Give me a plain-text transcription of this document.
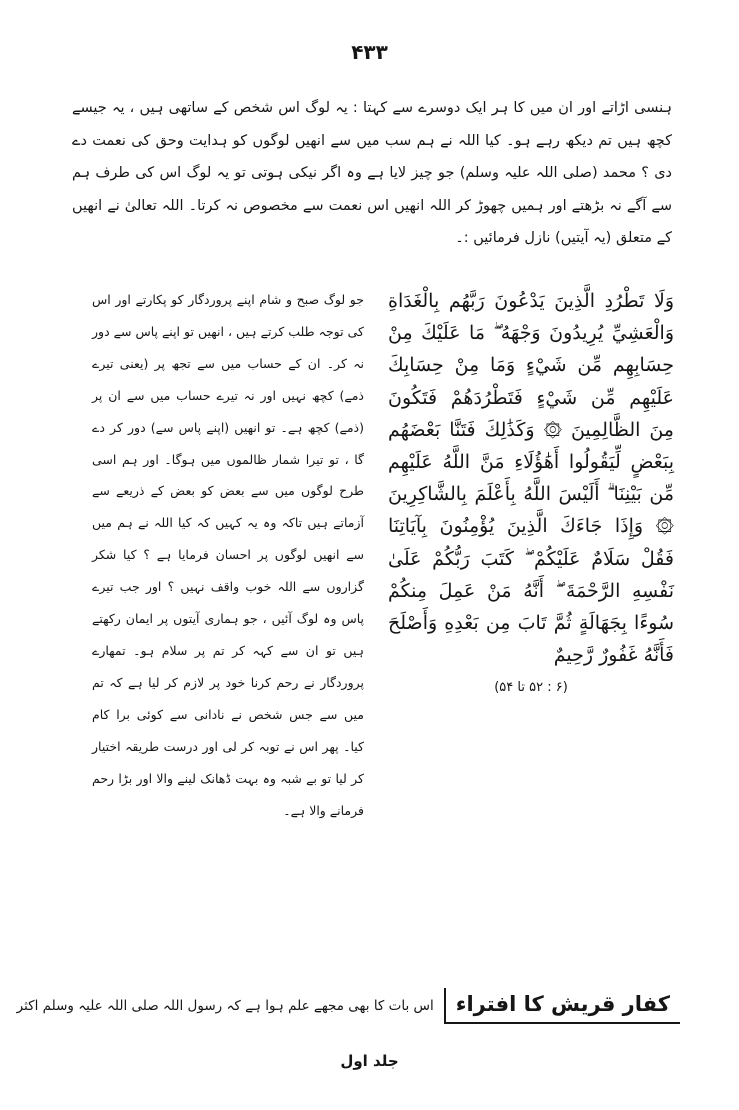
۴۳۳

ہنسی اڑاتے اور ان میں کا ہر ایک دوسرے سے کہتا : یہ لوگ اس شخص کے ساتھی ہیں ، یہ جیسے کچھ ہیں تم دیکھ رہے ہو۔ کیا اللہ نے ہم سب میں سے انھیں لوگوں کو ہدایت وحق کی نعمت دے دی ؟ محمد (صلی اللہ علیہ وسلم) جو چیز لایا ہے وہ اگر نیکی ہوتی تو یہ لوگ اس کی طرف ہم سے آگے نہ بڑھتے اور ہمیں چھوڑ کر اللہ انھیں اس نعمت سے مخصوص نہ کرتا۔ اللہ تعالیٰ نے انھیں کے متعلق (یہ آیتیں) نازل فرمائیں :۔

وَلَا تَطْرُدِ الَّذِينَ يَدْعُونَ رَبَّهُم بِالْغَدَاةِ وَالْعَشِيِّ يُرِيدُونَ وَجْهَهُ ۖ مَا عَلَيْكَ مِنْ حِسَابِهِم مِّن شَيْءٍ وَمَا مِنْ حِسَابِكَ عَلَيْهِم مِّن شَيْءٍ فَتَطْرُدَهُمْ فَتَكُونَ مِنَ الظَّالِمِينَ ۞ وَكَذَٰلِكَ فَتَنَّا بَعْضَهُم بِبَعْضٍ لِّيَقُولُوا أَهَٰؤُلَاءِ مَنَّ اللَّهُ عَلَيْهِم مِّن بَيْنِنَا ۗ أَلَيْسَ اللَّهُ بِأَعْلَمَ بِالشَّاكِرِينَ ۞ وَإِذَا جَاءَكَ الَّذِينَ يُؤْمِنُونَ بِآيَاتِنَا فَقُلْ سَلَامٌ عَلَيْكُمْ ۖ كَتَبَ رَبُّكُمْ عَلَىٰ نَفْسِهِ الرَّحْمَةَ ۖ أَنَّهُ مَنْ عَمِلَ مِنكُمْ سُوءًا بِجَهَالَةٍ ثُمَّ تَابَ مِن بَعْدِهِ وَأَصْلَحَ فَأَنَّهُ غَفُورٌ رَّحِيمٌ

(۶ : ۵۲ تا ۵۴)

جو لوگ صبح و شام اپنے پروردگار کو پکارتے اور اس کی توجہ طلب کرتے ہیں ، انھیں تو اپنے پاس سے دور نہ کر۔ ان کے حساب میں سے تجھ پر (یعنی تیرے ذمے) کچھ نہیں اور نہ تیرے حساب میں سے ان پر (ذمے) کچھ ہے۔ تو انھیں (اپنے پاس سے) دور کر دے گا ، تو تیرا شمار ظالموں میں ہوگا۔ اور ہم اسی طرح لوگوں میں سے بعض کو بعض کے ذریعے سے آزماتے ہیں تاکہ وہ یہ کہیں کہ کیا اللہ نے ہم میں سے انھیں لوگوں پر احسان فرمایا ہے ؟ کیا شکر گزاروں سے اللہ خوب واقف نہیں ؟ اور جب تیرے پاس وہ لوگ آئیں ، جو ہماری آیتوں پر ایمان رکھتے ہیں تو ان سے کہہ کر تم پر سلام ہو۔ تمھارے پروردگار نے رحم کرنا خود پر لازم کر لیا ہے کہ تم میں سے جس شخص نے نادانی سے کوئی برا کام کیا۔ پھر اس نے توبہ کر لی اور درست طریقہ اختیار کر لیا تو بے شبہ وہ بہت ڈھانک لینے والا اور بڑا رحم فرمانے والا ہے۔

کفار قریش کا افتراء
اس بات کا بھی مجھے علم ہوا ہے کہ رسول اللہ صلی اللہ علیہ وسلم اکثر
جلد اول
